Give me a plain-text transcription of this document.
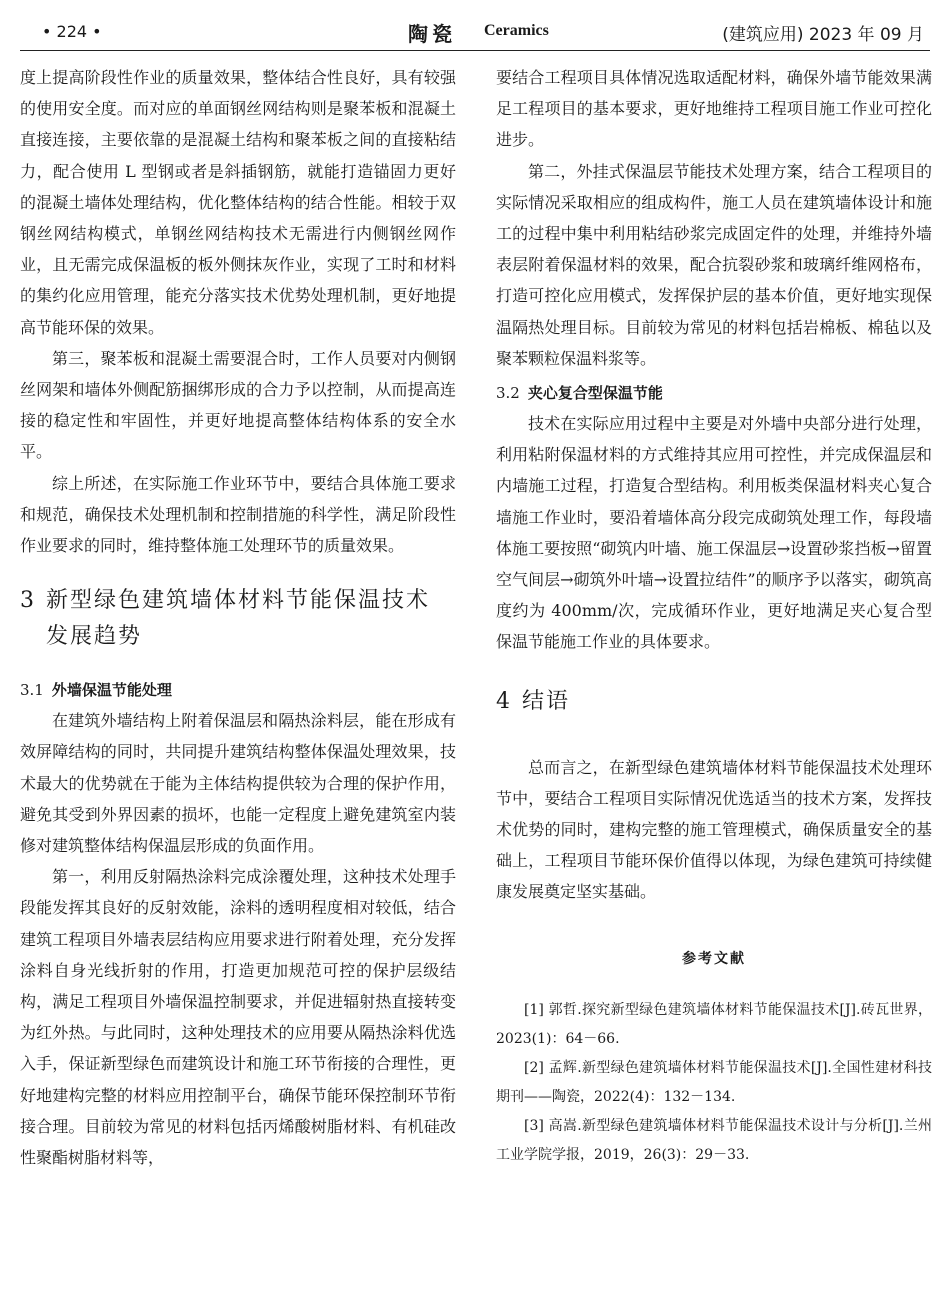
• 224 •	陶瓷 Ceramics	(建筑应用) 2023 年 09 月

度上提高阶段性作业的质量效果，整体结合性良好，具有较强的使用安全度。而对应的单面钢丝网结构则是聚苯板和混凝土直接连接，主要依靠的是混凝土结构和聚苯板之间的直接粘结力，配合使用 L 型钢或者是斜插钢筋，就能打造锚固力更好的混凝土墙体处理结构，优化整体结构的结合性能。相较于双钢丝网结构模式，单钢丝网结构技术无需进行内侧钢丝网作业，且无需完成保温板的板外侧抹灰作业，实现了工时和材料的集约化应用管理，能充分落实技术优势处理机制，更好地提高节能环保的效果。

第三，聚苯板和混凝土需要混合时，工作人员要对内侧钢丝网架和墙体外侧配筋捆绑形成的合力予以控制，从而提高连接的稳定性和牢固性，并更好地提高整体结构体系的安全水平。

综上所述，在实际施工作业环节中，要结合具体施工要求和规范，确保技术处理机制和控制措施的科学性，满足阶段性作业要求的同时，维持整体施工处理环节的质量效果。

3 新型绿色建筑墙体材料节能保温技术
发展趋势
3.1 外墙保温节能处理

在建筑外墙结构上附着保温层和隔热涂料层，能在形成有效屏障结构的同时，共同提升建筑结构整体保温处理效果，技术最大的优势就在于能为主体结构提供较为合理的保护作用，避免其受到外界因素的损坏，也能一定程度上避免建筑室内装修对建筑整体结构保温层形成的负面作用。

第一，利用反射隔热涂料完成涂覆处理，这种技术处理手段能发挥其良好的反射效能，涂料的透明程度相对较低，结合建筑工程项目外墙表层结构应用要求进行附着处理，充分发挥涂料自身光线折射的作用，打造更加规范可控的保护层级结构，满足工程项目外墙保温控制要求，并促进辐射热直接转变为红外热。与此同时，这种处理技术的应用要从隔热涂料优选入手，保证新型绿色而建筑设计和施工环节衔接的合理性，更好地建构完整的材料应用控制平台，确保节能环保控制环节衔接合理。目前较为常见的材料包括丙烯酸树脂材料、有机硅改性聚酯树脂材料等，

要结合工程项目具体情况选取适配材料，确保外墙节能效果满足工程项目的基本要求，更好地维持工程项目施工作业可控化进步。

第二，外挂式保温层节能技术处理方案，结合工程项目的实际情况采取相应的组成构件，施工人员在建筑墙体设计和施工的过程中集中利用粘结砂浆完成固定件的处理，并维持外墙表层附着保温材料的效果，配合抗裂砂浆和玻璃纤维网格布，打造可控化应用模式，发挥保护层的基本价值，更好地实现保温隔热处理目标。目前较为常见的材料包括岩棉板、棉毡以及聚苯颗粒保温料浆等。

3.2 夹心复合型保温节能

技术在实际应用过程中主要是对外墙中央部分进行处理，利用粘附保温材料的方式维持其应用可控性，并完成保温层和内墙施工过程，打造复合型结构。利用板类保温材料夹心复合墙施工作业时，要沿着墙体高分段完成砌筑处理工作，每段墙体施工要按照“砌筑内叶墙、施工保温层→设置砂浆挡板→留置空气间层→砌筑外叶墙→设置拉结件”的顺序予以落实，砌筑高度约为 400mm/次，完成循环作业，更好地满足夹心复合型保温节能施工作业的具体要求。

4 结语

总而言之，在新型绿色建筑墙体材料节能保温技术处理环节中，要结合工程项目实际情况优选适当的技术方案，发挥技术优势的同时，建构完整的施工管理模式，确保质量安全的基础上，工程项目节能环保价值得以体现，为绿色建筑可持续健康发展奠定坚实基础。

参考文献

[1] 郭哲.探究新型绿色建筑墙体材料节能保温技术[J].砖瓦世界，2023(1)：64－66.

[2] 孟辉.新型绿色建筑墙体材料节能保温技术[J].全国性建材科技期刊——陶瓷，2022(4)：132－134.

[3] 高嵩.新型绿色建筑墙体材料节能保温技术设计与分析[J].兰州工业学院学报，2019，26(3)：29－33.
